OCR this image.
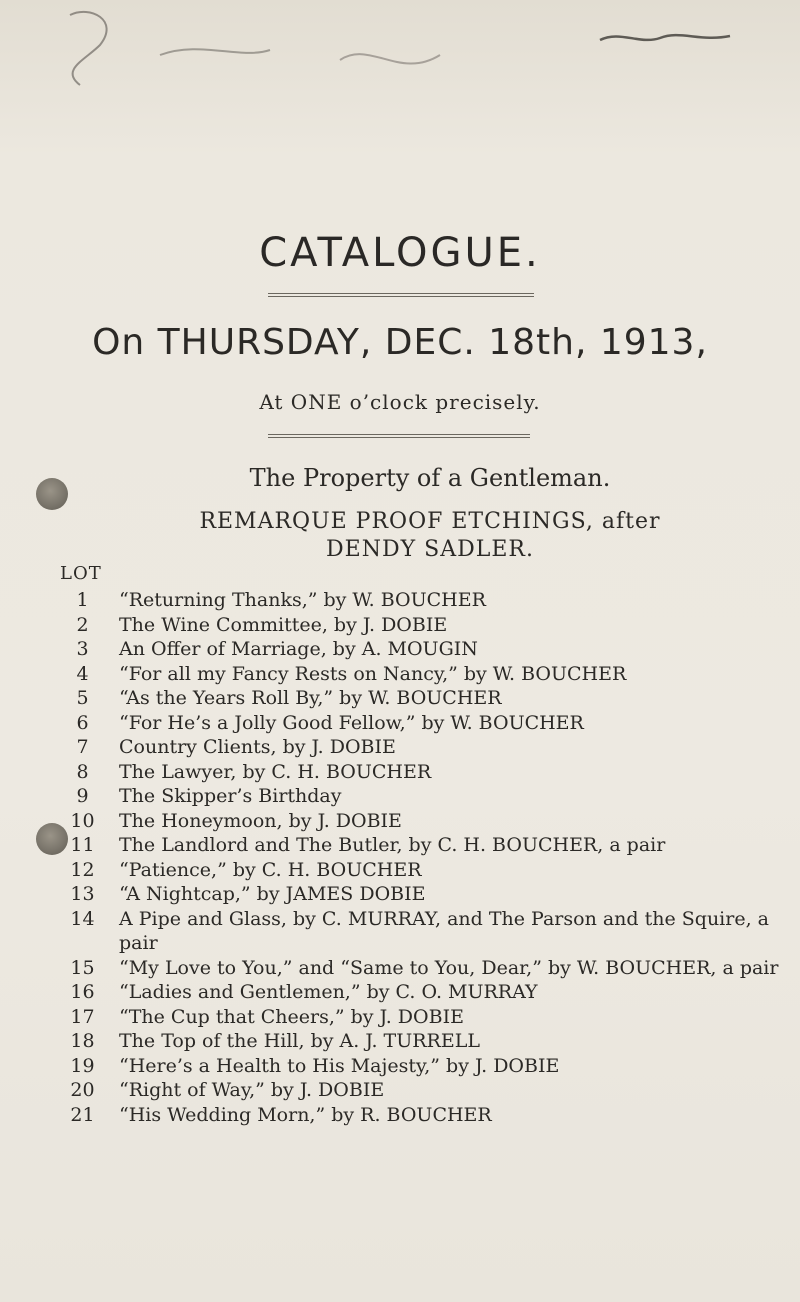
CATALOGUE.
On THURSDAY, DEC. 18th, 1913,
At ONE o’clock precisely.
The Property of a Gentleman.
REMARQUE PROOF ETCHINGS, after
DENDY SADLER.
LOT
1	“Returning Thanks,” by W. BOUCHER
2	The Wine Committee, by J. DOBIE
3	An Offer of Marriage, by A. MOUGIN
4	“For all my Fancy Rests on Nancy,” by W. BOUCHER
5	“As the Years Roll By,” by W. BOUCHER
6	“For He’s a Jolly Good Fellow,” by W. BOUCHER
7	Country Clients, by J. DOBIE
8	The Lawyer, by C. H. BOUCHER
9	The Skipper’s Birthday
10	The Honeymoon, by J. DOBIE
11	The Landlord and The Butler, by C. H. BOUCHER, a pair
12	“Patience,” by C. H. BOUCHER
13	“A Nightcap,” by JAMES DOBIE
14	A Pipe and Glass, by C. MURRAY, and The Parson and the Squire, a pair
15	“My Love to You,” and “Same to You, Dear,” by W. BOUCHER, a pair
16	“Ladies and Gentlemen,” by C. O. MURRAY
17	“The Cup that Cheers,” by J. DOBIE
18	The Top of the Hill, by A. J. TURRELL
19	“Here’s a Health to His Majesty,” by J. DOBIE
20	“Right of Way,” by J. DOBIE
21	“His Wedding Morn,” by R. BOUCHER
